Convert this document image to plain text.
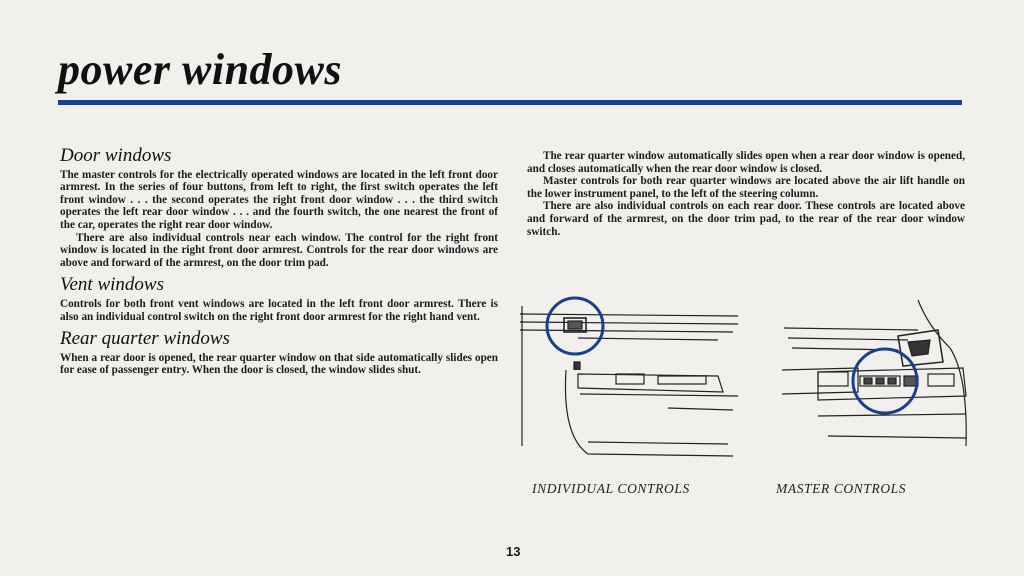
power windows
Door windows

The master controls for the electrically operated windows are located in the left front door armrest. In the series of four buttons, from left to right, the first switch operates the left front window . . . the second operates the right front door window . . . the third switch operates the left rear door window . . . and the fourth switch, the one nearest the front of the car, operates the right rear door window.

There are also individual controls near each window. The control for the right front window is located in the right front door armrest. Controls for the rear door windows are above and forward of the armrest, on the door trim pad.

Vent windows

Controls for both front vent windows are located in the left front door armrest. There is also an individual control switch on the right front door armrest for the right hand vent.

Rear quarter windows

When a rear door is opened, the rear quarter window on that side automatically slides open for ease of passenger entry. When the door is closed, the window slides shut.

The rear quarter window automatically slides open when a rear door window is opened, and closes automatically when the rear door window is closed.

Master controls for both rear quarter windows are located above the air lift handle on the lower instrument panel, to the left of the steering column.

There are also individual controls on each rear door. These controls are located above and forward of the armrest, on the door trim pad, to the rear of the rear door window switch.

INDIVIDUAL CONTROLS	MASTER CONTROLS
13
